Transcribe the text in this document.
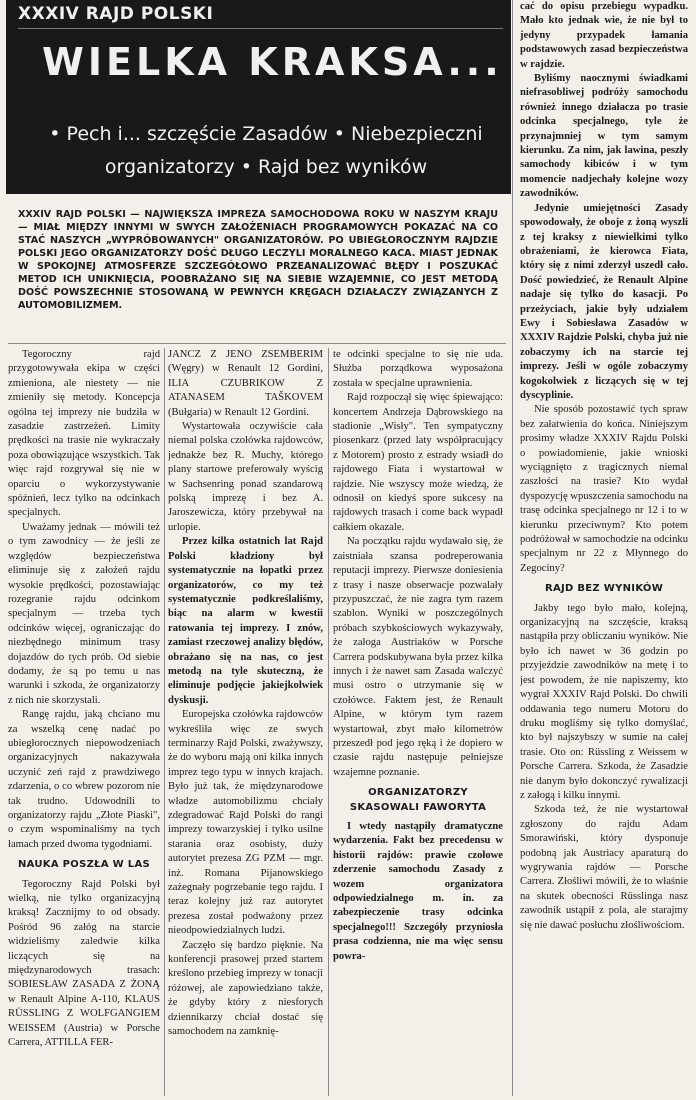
XXXIV RAJD POLSKI
WIELKA KRAKSA...
• Pech i... szczęście Zasadów • Niebezpieczni organizatorzy • Rajd bez wyników
XXXIV RAJD POLSKI — NAJWIĘKSZA IMPREZA SAMOCHODOWA ROKU W NASZYM KRAJU — MIAŁ MIĘDZY INNYMI W SWYCH ZAŁOŻENIACH PROGRAMOWYCH POKAZAĆ NA CO STAĆ NASZYCH „WYPRÓBOWANYCH" ORGANIZATORÓW. PO UBIEGŁOROCZNYM RAJDZIE POLSKI JEGO ORGANIZATORZY DOŚĆ DŁUGO LECZYLI MORALNEGO KACA. MIAST JEDNAK W SPOKOJNEJ ATMOSFERZE SZCZEGÓŁOWO PRZEANALIZOWAĆ BŁĘDY I POSZUKAĆ METOD ICH UNIKNIĘCIA, POOBRAŻANO SIĘ NA SIEBIE WZAJEMNIE, CO JEST METODĄ DOŚĆ POWSZECHNIE STOSOWANĄ W PEWNYCH KRĘGACH DZIAŁACZY ZWIĄZANYCH Z AUTOMOBILIZMEM.

Tegoroczny rajd przygotowywała ekipa w części zmieniona, ale niestety — nie zmieniły się metody. Koncepcja ogólna tej imprezy nie budziła w zasadzie zastrzeżeń. Limity prędkości na trasie nie wykraczały poza obowiązujące wszystkich. Tak więc rajd rozgrywał się nie w oparciu o wykorzystywanie spóźnień, lecz tylko na odcinkach specjalnych.

Uważamy jednak — mówili też o tym zawodnicy — że jeśli ze względów bezpieczeństwa eliminuje się z założeń rajdu wysokie prędkości, pozostawiając rozegranie rajdu odcinkom specjalnym — trzeba tych odcinków więcej, ograniczając do niezbędnego minimum trasy dojazdów do tych prób. Od siebie dodamy, że są po temu u nas warunki i szkoda, że organizatorzy z nich nie skorzystali.

Rangę rajdu, jaką chciano mu za wszelką cenę nadać po ubiegłorocznych niepowodzeniach organizacyjnych nakazywała uczynić zeń rajd z prawdziwego zdarzenia, o co wbrew pozorom nie tak trudno. Udowodnili to organizatorzy rajdu „Złote Piaski", o czym wspominaliśmy na tych łamach przed dwoma tygodniami.

NAUKA POSZŁA W LAS

Tegoroczny Rajd Polski był wielką, nie tylko organizacyjną kraksą! Zacznijmy to od obsady. Pośród 96 załóg na starcie widzieliśmy zaledwie kilka liczących się na międzynarodowych trasach: SOBIESŁAW ZASADA Z ŻONĄ w Renault Alpine A-110, KLAUS RÜSSLING Z WOLFGANGIEM WEISSEM (Austria) w Porsche Carrera, ATTILLA FER-

JANCZ Z JENO ZSEMBERIM (Węgry) w Renault 12 Gordini, ILIA CZUBRIKOW Z ATANASEM TAŠKOVEM (Bułgaria) w Renault 12 Gordini.

Wystartowała oczywiście cała niemal polska czołówka rajdowców, jednakże bez R. Muchy, którego plany startowe preferowały wyścig w Sachsenring ponad szandarową polską imprezę i bez A. Jaroszewicza, który przebywał na urlopie.

Przez kilka ostatnich lat Rajd Polski kładziony był systematycznie na łopatki przez organizatorów, co my też systematycznie podkreślaliśmy, biąc na alarm w kwestii ratowania tej imprezy. I znów, zamiast rzeczowej analizy błędów, obrażano się na nas, co jest metodą na tyle skuteczną, że eliminuje podjęcie jakiejkolwiek dyskusji.

Europejska czołówka rajdowców wykreśliła więc ze swych terminarzy Rajd Polski, zważywszy, że do wyboru mają oni kilka innych imprez tego typu w innych krajach. Było już tak, że międzynarodowe władze automobilizmu chciały zdegradować Rajd Polski do rangi imprezy towarzyskiej i tylko usilne starania oraz osobisty, duży autorytet prezesa ZG PZM — mgr. inż. Romana Pijanowskiego zażegnały pogrzebanie tego rajdu. I teraz kolejny już raz autorytet prezesa został podważony przez nieodpowiedzialnych ludzi.

Zaczęło się bardzo pięknie. Na konferencji prasowej przed startem kreślono przebieg imprezy w tonacji różowej, ale zapowiedziano także, że gdyby który z niesforych dziennikarzy chciał dostać się samochodem na zamknię-

te odcinki specjalne to się nie uda. Służba porządkowa wyposażona została w specjalne uprawnienia.

Rajd rozpoczął się więc śpiewająco: koncertem Andrzeja Dąbrowskiego na stadionie „Wisły". Ten sympatyczny piosenkarz (przed laty współpracujący z Motorem) prosto z estrady wsiadł do rajdowego Fiata i wystartował w rajdzie. Nie wszyscy może wiedzą, że odnosił on kiedyś spore sukcesy na rajdowych trasach i come back wypadł całkiem okazale.

Na początku rajdu wydawało się, że zaistniała szansa podreperowania reputacji imprezy. Pierwsze doniesienia z trasy i nasze obserwacje pozwalały przypuszczać, że nie zagra tym razem szablon. Wyniki w poszczególnych próbach szybkościowych wykazywały, że załoga Austriaków w Porsche Carrera podskubywana była przez kilka innych i że nawet sam Zasada walczyć musi ostro o utrzymanie się w czołówce. Faktem jest, że Renault Alpine, w którym tym razem wystartował, zbyt mało kilometrów przeszedł pod jego ręką i że dopiero w czasie rajdu następuje pełniejsze wzajemne poznanie.

ORGANIZATORZY SKASOWALI FAWORYTA

I wtedy nastąpiły dramatyczne wydarzenia. Fakt bez precedensu w historii rajdów: prawie czołowe zderzenie samochodu Zasady z wozem organizatora odpowiedzialnego m. in. za zabezpieczenie trasy odcinka specjalnego!!! Szczegóły przyniosła prasa codzienna, nie ma więc sensu powra-

cać do opisu przebiegu wypadku. Mało kto jednak wie, że nie był to jedyny przypadek łamania podstawowych zasad bezpieczeństwa w rajdzie.

Byliśmy naocznymi świadkami niefrasobliwej podróży samochodu również innego działacza po trasie odcinka specjalnego, tyle że przynajmniej w tym samym kierunku. Za nim, jak lawina, peszły samochody kibiców i w tym momencie nadjechały kolejne wozy zawodników.

Jedynie umiejętności Zasady spowodowały, że oboje z żoną wyszli z tej kraksy z niewielkimi tylko obrażeniami, że kierowca Fiata, który się z nimi zderzył uszedł cało. Dość powiedzieć, że Renault Alpine nadaje się tylko do kasacji. Po przeżyciach, jakie były udziałem Ewy i Sobiesława Zasadów w XXXIV Rajdzie Polski, chyba już nie zobaczymy ich na starcie tej imprezy. Jeśli w ogóle zobaczymy kogokolwiek z liczących się w tej dyscyplinie.

Nie sposób pozostawić tych spraw bez załatwienia do końca. Niniejszym prosimy władze XXXIV Rajdu Polski o powiadomienie, jakie wnioski wyciągnięto z tragicznych niemal zaszłości na trasie? Kto wydał dyspozycję wpuszczenia samochodu na trasę odcinka specjalnego nr 12 i to w kierunku przeciwnym? Kto potem podróżował w samochodzie na odcinku specjalnym nr 22 z Młynnego do Zegociny?

RAJD BEZ WYNIKÓW

Jakby tego było mało, kolejną, organizacyjną na szczęście, kraksą nastąpiła przy obliczaniu wyników. Nie było ich nawet w 36 godzin po przyjeździe zawodników na metę i to jest powodem, że nie napiszemy, kto wygrał XXXIV Rajd Polski. Do chwili oddawania tego numeru Motoru do druku mogliśmy się tylko domyślać, kto był najszybszy w sumie na całej trasie. Oto on: Rüssling z Weissem w Porsche Carrera. Szkoda, że Zasadzie nie danym było dokonczyć rywalizacji z załogą i kilku innymi.

Szkoda też, że nie wystartował zgłoszony do rajdu Adam Smorawiński, który dysponuje podobną jak Austriacy aparaturą do wygrywania rajdów — Porsche Carrera. Złośliwi mówili, że to właśnie na skutek obecności Rüsslinga nasz zawodnik ustąpił z pola, ale starajmy się nie dawać posłuchu złośliwościom.
